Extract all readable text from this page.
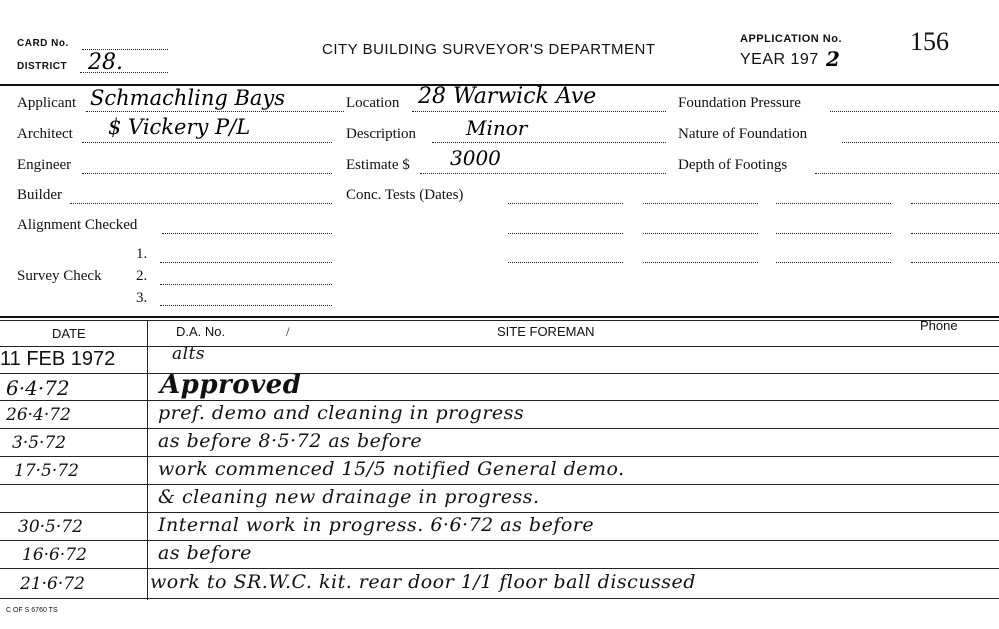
CARD No.
DISTRICT 28.
CITY BUILDING SURVEYOR'S DEPARTMENT
APPLICATION No.	156
YEAR 197 2
Applicant Schmachling Bays	Location 28 Warwick Ave	Foundation Pressure
Architect $ Vickery P/L	Description	Minor	Nature of Foundation
Engineer	Estimate $ 3000	Depth of Footings
Builder	Conc. Tests (Dates)
Alignment Checked
1.
Survey Check 2.
3.
DATE	D.A. No.	/	SITE FOREMAN	Phone
11 FEB 1972	alts
6·4·72	Approved
26·4·72	pref. demo and cleaning in progress
3·5·72	as before 8·5·72 as before
17·5·72	work commenced 15/5 notified General demo.
& cleaning new drainage in progress.
30·5·72	Internal work in progress. 6·6·72 as before
16·6·72	as before
21·6·72	work to SR.W.C. kit. rear door 1/1 floor ball discussed
C OF S 6760 TS
